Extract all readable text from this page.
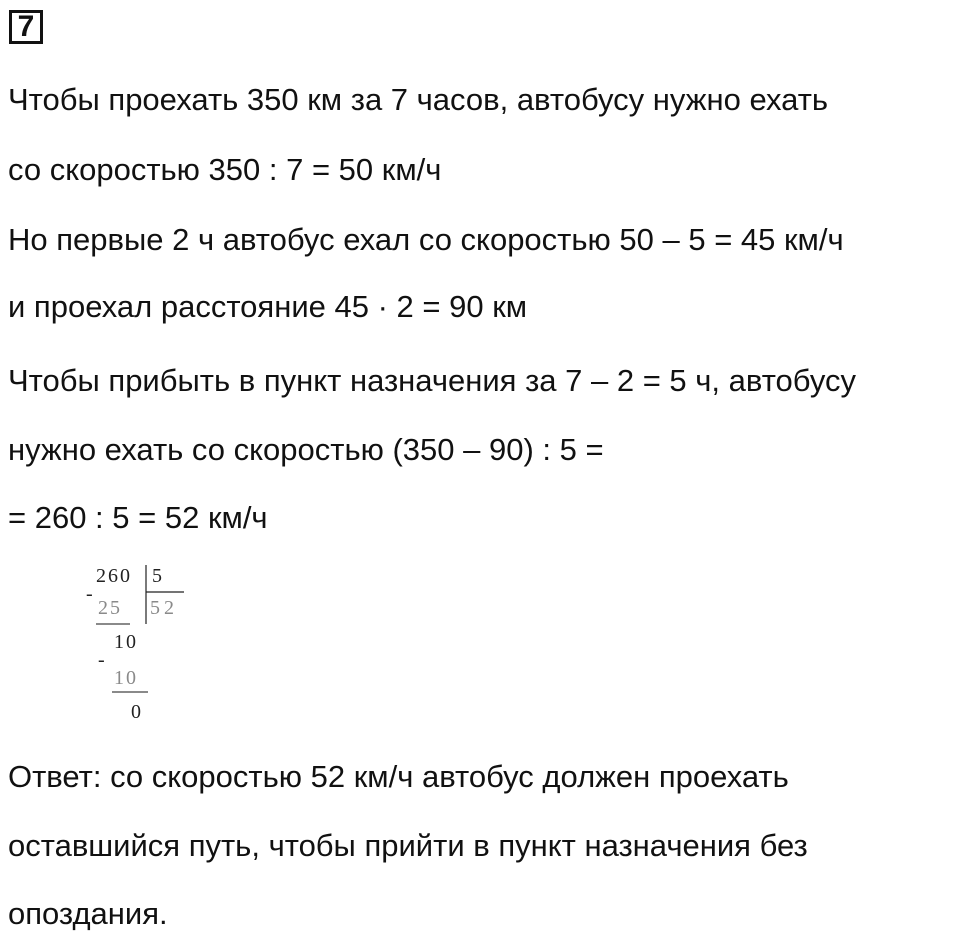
7
Чтобы проехать 350 км за 7 часов, автобусу нужно ехать
со скоростью 350 : 7 = 50 км/ч
Но первые 2 ч автобус ехал со скоростью 50 – 5 = 45 км/ч
и проехал расстояние 45 · 2 = 90 км
Чтобы прибыть в пункт назначения за 7 – 2 = 5 ч, автобусу
нужно ехать со скоростью (350 – 90) : 5 =
= 260 : 5 = 52 км/ч
260 5
-
25 52
10
-
10
0
Ответ: со скоростью 52 км/ч автобус должен проехать
оставшийся путь, чтобы прийти в пункт назначения без
опоздания.
